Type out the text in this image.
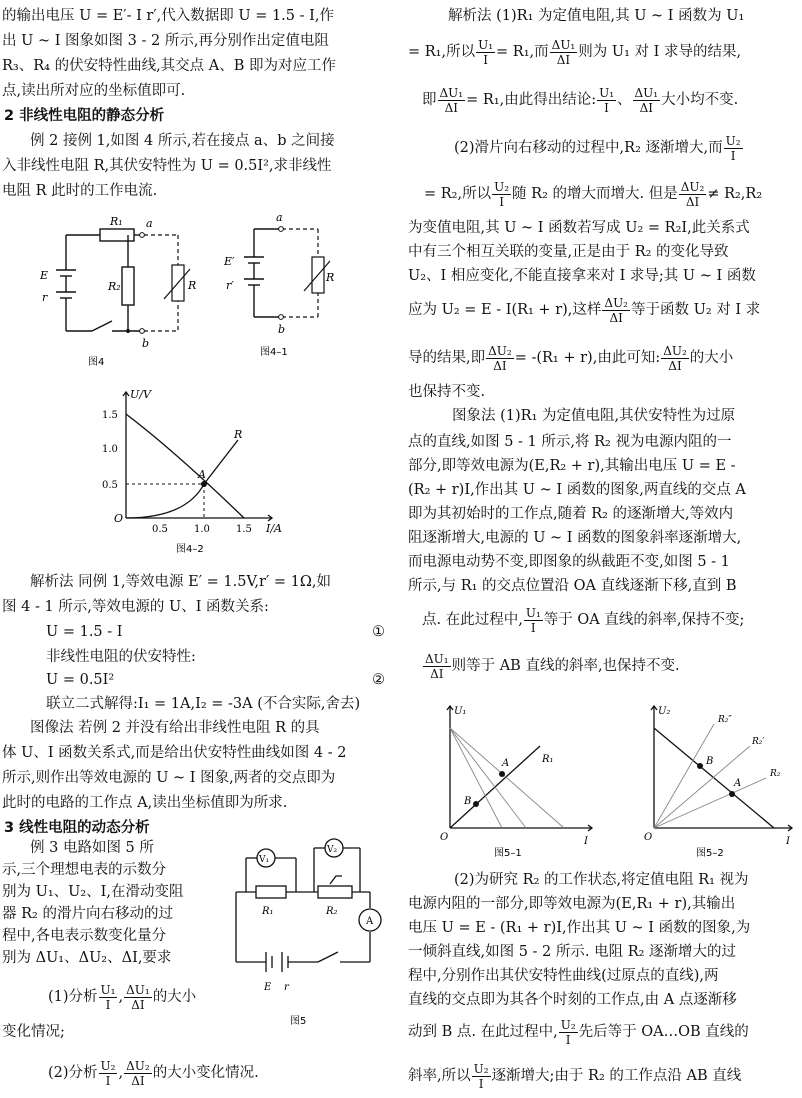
的输出电压 U = E′- I r′,代入数据即 U = 1.5 - I,作
出 U ~ I 图象如图 3 - 2 所示,再分别作出定值电阻
R₃、R₄ 的伏安特性曲线,其交点 A、B 即为对应工作
点,读出所对应的坐标值即可.
2 非线性电阻的静态分析
例 2 接例 1,如图 4 所示,若在接点 a、b 之间接
入非线性电阻 R,其伏安特性为 U = 0.5I²,求非线性
电阻 R 此时的工作电流.
R₁
R₂	R
E
r
a
b
图4
E′
r′
R
a
b
图4–1
U/V
I/A
R
A
O
1.5
1.0
0.5
0.5	1.0	1.5
图4–2
解析法 同例 1,等效电源 E′ = 1.5V,r′ = 1Ω,如
图 4 - 1 所示,等效电源的 U、I 函数关系:
U = 1.5 - I	①
非线性电阻的伏安特性:
U = 0.5I²	②
联立二式解得:I₁ = 1A,I₂ = -3A (不合实际,舍去)
图像法 若例 2 并没有给出非线性电阻 R 的具
体 U、I 函数关系式,而是给出伏安特性曲线如图 4 - 2
所示,则作出等效电源的 U ~ I 图象,两者的交点即为
此时的电路的工作点 A,读出坐标值即为所求.
3 线性电阻的动态分析
例 3 电路如图 5 所
示,三个理想电表的示数分
别为 U₁、U₂、I,在滑动变阻
器 R₂ 的滑片向右移动的过
程中,各电表示数变化量分
别为 ΔU₁、ΔU₂、ΔI,要求
(1)分析 $\frac{\text{U₁}}{I}$ , $\frac{\text{ΔU₁}}{\Delta I}$ 的大小
变化情况;
(2)分析 $\frac{\text{U₂}}{I}$ , $\frac{\text{ΔU₂}}{\Delta I}$ 的大小变化情况.
V₁
V₂
A
R₁	R₂
E r
图5
解析法 (1)R₁ 为定值电阻,其 U ~ I 函数为 U₁
= R₁,所以 $\frac{\text{U₁}}{I} = R_1$,而 $\frac{\text{ΔU₁}}{\Delta I}$ 则为 U₁ 对 I 求导的结果,
即 $\frac{\text{ΔU₁}}{\Delta I} = R_1$,由此得出结论: $\frac{\text{U₁}}{I}$ 、 $\frac{\text{ΔU₁}}{\Delta I}$ 大小均不变.
(2)滑片向右移动的过程中,R₂ 逐渐增大,而 $\frac{\text{U₂}}{I}$
= R₂,所以 $\frac{\text{U₂}}{I}$ 随 R₂ 的增大而增大. 但是 $\frac{\text{ΔU₂}}{\Delta I} \ne R_2,R_2$
为变值电阻,其 U ~ I 函数若写成 U₂ = R₂I,此关系式
中有三个相互关联的变量,正是由于 R₂ 的变化导致
U₂、I 相应变化,不能直接拿来对 I 求导;其 U ~ I 函数
应为 U₂ = E - I(R₁ + r),这样 $\frac{\text{ΔU₂}}{\Delta I}$ 等于函数 U₂ 对 I 求
导的结果,即 $\frac{\text{ΔU₂}}{\Delta I} = -(R_1 + r)$,由此可知: $\frac{\text{ΔU₂}}{\Delta I}$ 的大小
也保持不变.
图象法 (1)R₁ 为定值电阻,其伏安特性为过原
点的直线,如图 5 - 1 所示,将 R₂ 视为电源内阻的一
部分,即等效电源为(E,R₂ + r),其输出电压 U = E -
(R₂ + r)I,作出其 U ~ I 函数的图象,两直线的交点 A
即为其初始时的工作点,随着 R₂ 的逐渐增大,等效内
阻逐渐增大,电源的 U ~ I 函数的图象斜率逐渐增大,
而电源电动势不变,即图象的纵截距不变,如图 5 - 1
所示,与 R₁ 的交点位置沿 OA 直线逐渐下移,直到 B
点. 在此过程中, $\frac{\text{U₁}}{I}$ 等于 OA 直线的斜率,保持不变;
$\frac{\text{ΔU₁}}{\Delta I}$ 则等于 AB 直线的斜率,也保持不变.
U₁
I
O
A
B
R₁
图5–1
U₂
I
O
A
B
R₂
R₂′
R₂″
图5–2
(2)为研究 R₂ 的工作状态,将定值电阻 R₁ 视为
电源内阻的一部分,即等效电源为(E,R₁ + r),其输出
电压 U = E - (R₁ + r)I,作出其 U ~ I 函数的图象,为
一倾斜直线,如图 5 - 2 所示. 电阻 R₂ 逐渐增大的过
程中,分别作出其伏安特性曲线(过原点的直线),两
直线的交点即为其各个时刻的工作点,由 A 点逐渐移
动到 B 点. 在此过程中, $\frac{\text{U₂}}{I}$ 先后等于 OA…OB 直线的
斜率,所以 $\frac{\text{U₂}}{I}$ 逐渐增大;由于 R₂ 的工作点沿 AB 直线
